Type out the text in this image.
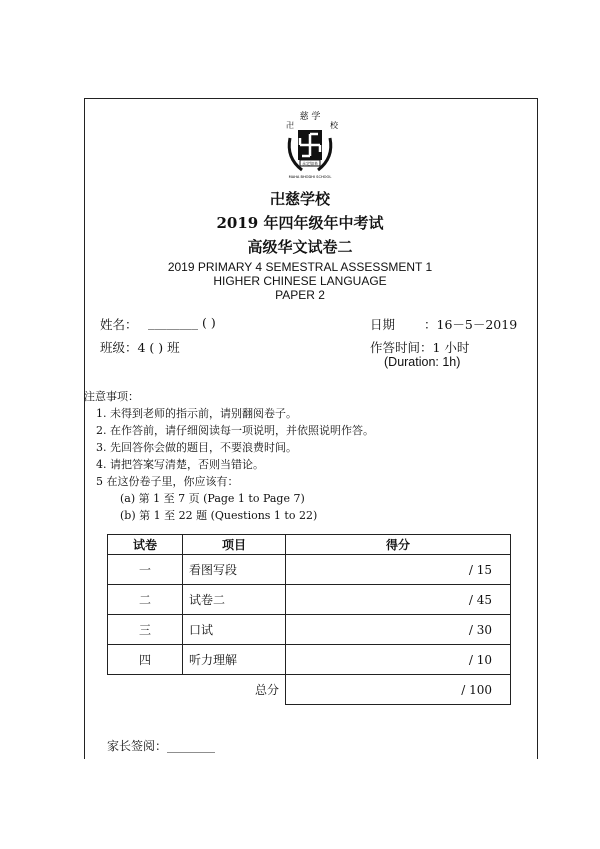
慈 学
卍	校
永定如来
MAHA BHODHI SCHOOL
卍慈学校
2019 年四年级年中考试
高级华文试卷二
2019 PRIMARY 4 SEMESTRAL ASSESSMENT 1
HIGHER CHINESE LANGUAGE
PAPER 2
姓名： ________ ( )	日期 ：16－5－2019
班级：4 ( ) 班	作答时间：1 小时
(Duration: 1h)
注意事项：
1. 未得到老师的指示前，请别翻阅卷子。
2. 在作答前，请仔细阅读每一项说明，并依照说明作答。
3. 先回答你会做的题目，不要浪费时间。
4. 请把答案写清楚，否则当错论。
5 在这份卷子里，你应该有：
(a) 第 1 至 7 页 (Page 1 to Page 7)
(b) 第 1 至 22 题 (Questions 1 to 22)
试卷	项目	得分
一	看图写段	/ 15
二	试卷二	/ 45
三	口试	/ 30
四	听力理解	/ 10
	总分	/ 100
家长签阅：________
